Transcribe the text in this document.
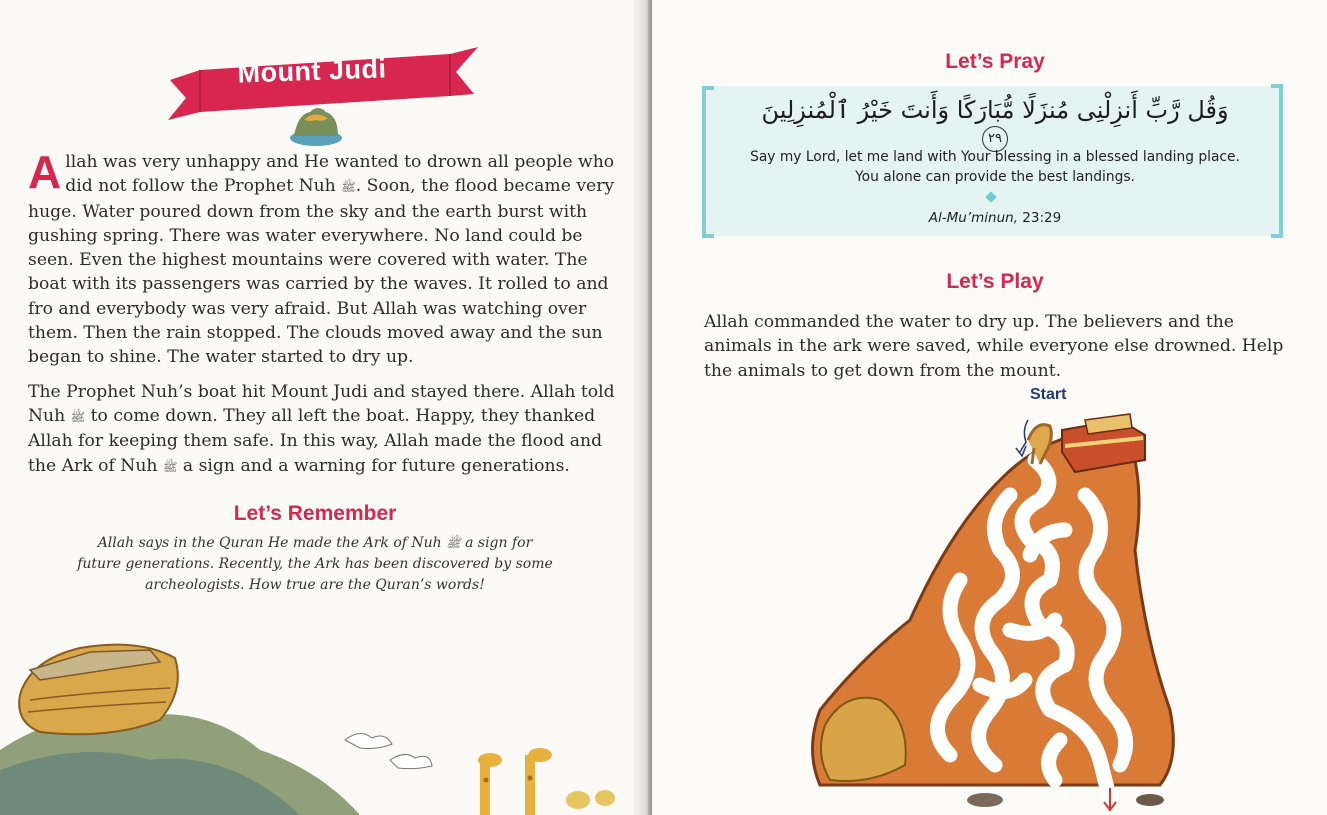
Mount Judi

Allah was very unhappy and He wanted to drown all people who did not follow the Prophet Nuh ﷺ. Soon, the flood became very huge. Water poured down from the sky and the earth burst with gushing spring. There was water everywhere. No land could be seen. Even the highest mountains were covered with water. The boat with its passengers was carried by the waves. It rolled to and fro and everybody was very afraid. But Allah was watching over them. Then the rain stopped. The clouds moved away and the sun began to shine. The water started to dry up.

The Prophet Nuh’s boat hit Mount Judi and stayed there. Allah told Nuh ﷺ to come down. They all left the boat. Happy, they thanked Allah for keeping them safe. In this way, Allah made the flood and the Ark of Nuh ﷺ a sign and a warning for future generations.

Let’s Remember
Allah says in the Quran He made the Ark of Nuh ﷺ a sign for future generations. Recently, the Ark has been discovered by some archeologists. How true are the Quran’s words!
Let’s Pray
وَقُل رَّبِّ أَنزِلْنِى مُنزَلًا مُّبَارَكًا وَأَنتَ خَيْرُ ٱلْمُنزِلِينَ ٢٩
Say my Lord, let me land with Your blessing in a blessed landing place. You alone can provide the best landings.
Al-Mu’minun, 23:29
Let’s Play
Allah commanded the water to dry up. The believers and the animals in the ark were saved, while everyone else drowned. Help the animals to get down from the mount.
Start
